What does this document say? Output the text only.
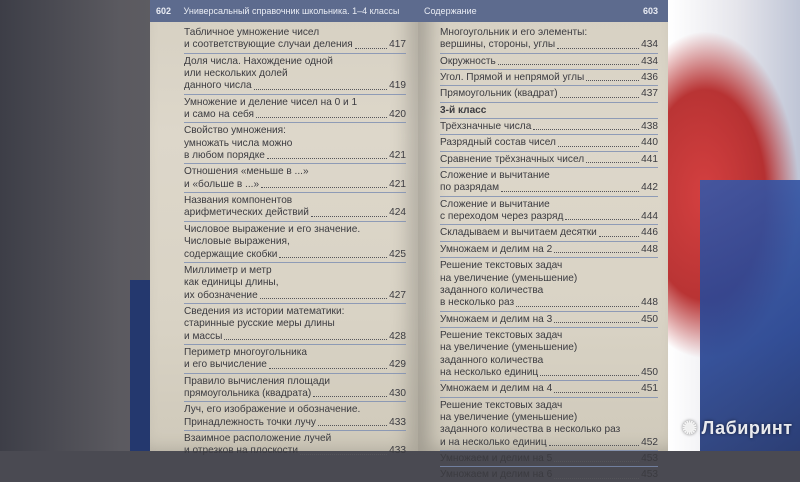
602 Универсальный справочник школьника. 1–4 классы
Табличное умножение чисел
и соответствующие случаи деления	417
Доля числа. Нахождение одной
или нескольких долей
данного числа	419
Умножение и деление чисел на 0 и 1
и само на себя	420
Свойство умножения:
умножать числа можно
в любом порядке	421
Отношения «меньше в ...»
и «больше в ...»	421
Названия компонентов
арифметических действий	424
Числовое выражение и его значение.
Числовые выражения,
содержащие скобки	425
Миллиметр и метр
как единицы длины,
их обозначение	427
Сведения из истории математики:
старинные русские меры длины
и массы	428
Периметр многоугольника
и его вычисление	429
Правило вычисления площади
прямоугольника (квадрата)	430
Луч, его изображение и обозначение.
Принадлежность точки лучу	433
Взаимное расположение лучей
и отрезков на плоскости	433
Содержание	603
Многоугольник и его элементы:
вершины, стороны, углы	434
Окружность	434
Угол. Прямой и непрямой углы	436
Прямоугольник (квадрат)	437
3-й класс
Трёхзначные числа	438
Разрядный состав чисел	440
Сравнение трёхзначных чисел	441
Сложение и вычитание
по разрядам	442
Сложение и вычитание
с переходом через разряд	444
Складываем и вычитаем десятки	446
Умножаем и делим на 2	448
Решение текстовых задач
на увеличение (уменьшение)
заданного количества
в несколько раз	448
Умножаем и делим на 3	450
Решение текстовых задач
на увеличение (уменьшение)
заданного количества
на несколько единиц	450
Умножаем и делим на 4	451
Решение текстовых задач
на увеличение (уменьшение)
заданного количества в несколько раз
и на несколько единиц	452
Умножаем и делим на 5	453
Умножаем и делим на 6	453
✺ Лабиринт
